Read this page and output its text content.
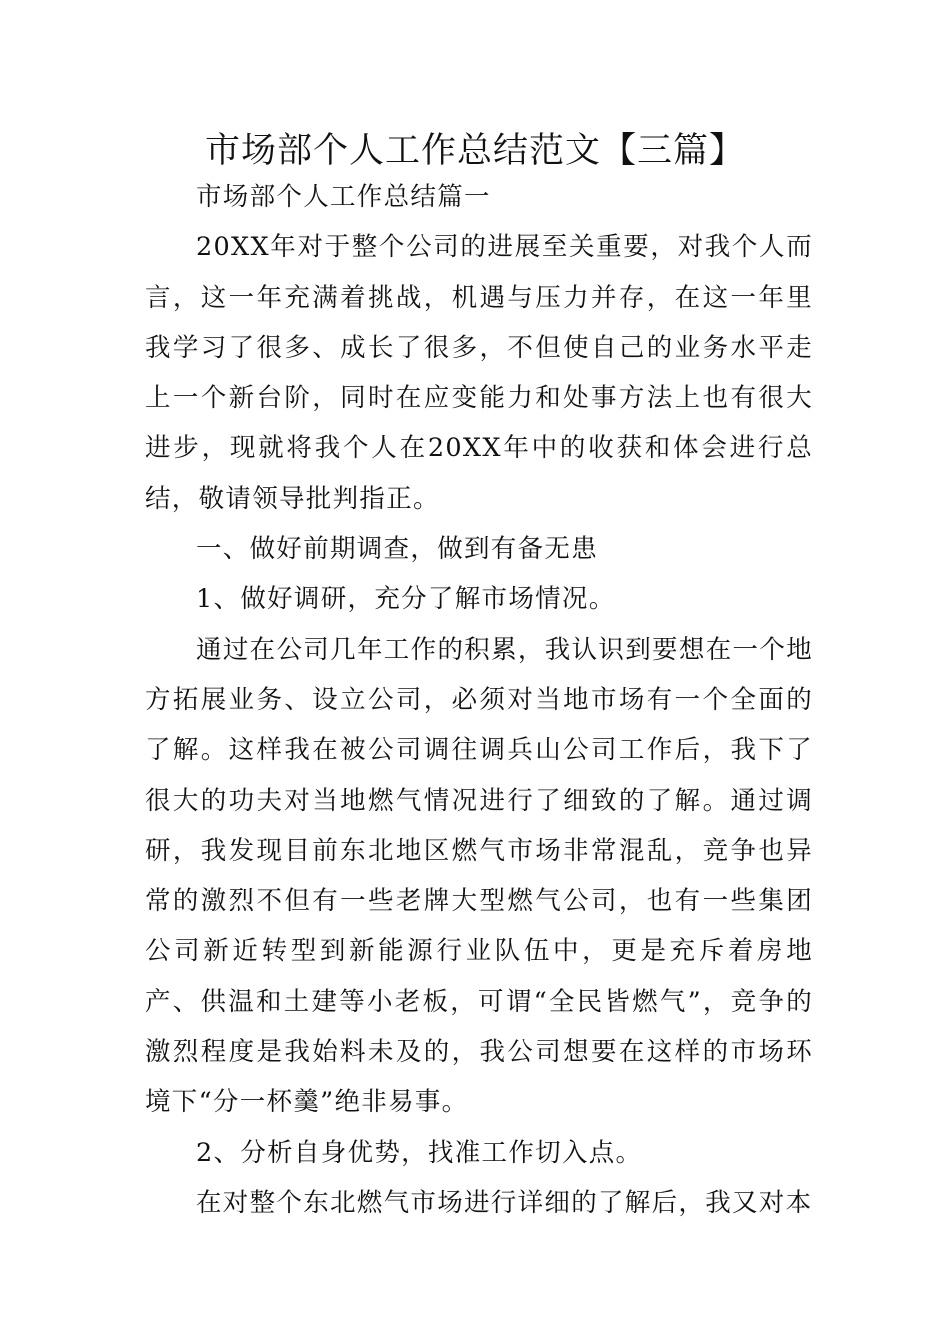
市场部个人工作总结范文【三篇】

市场部个人工作总结篇一

20XX年对于整个公司的进展至关重要，对我个人而言，这一年充满着挑战，机遇与压力并存，在这一年里我学习了很多、成长了很多，不但使自己的业务水平走上一个新台阶，同时在应变能力和处事方法上也有很大进步，现就将我个人在20XX年中的收获和体会进行总结，敬请领导批判指正。

一、做好前期调查，做到有备无患

1、做好调研，充分了解市场情况。

通过在公司几年工作的积累，我认识到要想在一个地方拓展业务、设立公司，必须对当地市场有一个全面的了解。这样我在被公司调往调兵山公司工作后，我下了很大的功夫对当地燃气情况进行了细致的了解。通过调研，我发现目前东北地区燃气市场非常混乱，竞争也异常的激烈不但有一些老牌大型燃气公司，也有一些集团公司新近转型到新能源行业队伍中，更是充斥着房地产、供温和土建等小老板，可谓“全民皆燃气”，竞争的激烈程度是我始料未及的，我公司想要在这样的市场环境下“分一杯羹”绝非易事。

2、分析自身优势，找准工作切入点。

在对整个东北燃气市场进行详细的了解后，我又对本
